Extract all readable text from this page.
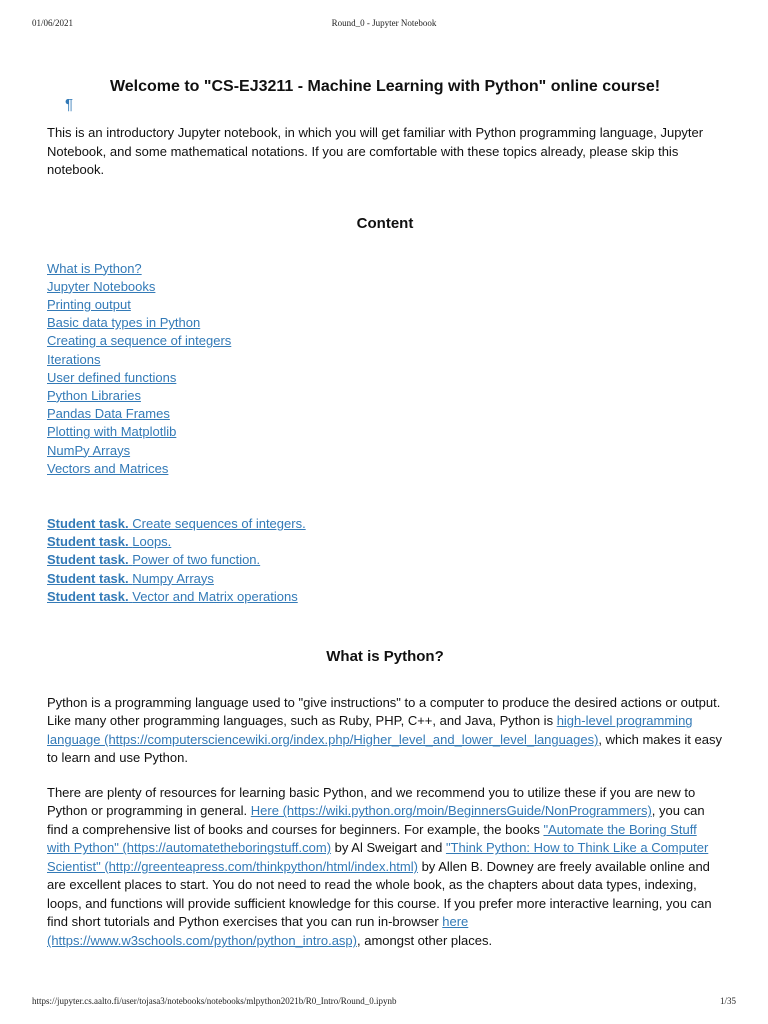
01/06/2021	Round_0 - Jupyter Notebook
Welcome to "CS-EJ3211 - Machine Learning with Python" online course!
¶

This is an introductory Jupyter notebook, in which you will get familiar with Python programming language, Jupyter Notebook, and some mathematical notations. If you are comfortable with these topics already, please skip this notebook.

Content
What is Python?
Jupyter Notebooks
Printing output
Basic data types in Python
Creating a sequence of integers
Iterations
User defined functions
Python Libraries
Pandas Data Frames
Plotting with Matplotlib
NumPy Arrays
Vectors and Matrices
Student task. Create sequences of integers.
Student task. Loops.
Student task. Power of two function.
Student task. Numpy Arrays
Student task. Vector and Matrix operations
What is Python?

Python is a programming language used to "give instructions" to a computer to produce the desired actions or output. Like many other programming languages, such as Ruby, PHP, C++, and Java, Python is high-level programming language (https://computersciencewiki.org/index.php/Higher_level_and_lower_level_languages), which makes it easy to learn and use Python.

There are plenty of resources for learning basic Python, and we recommend you to utilize these if you are new to Python or programming in general. Here (https://wiki.python.org/moin/BeginnersGuide/NonProgrammers), you can find a comprehensive list of books and courses for beginners. For example, the books "Automate the Boring Stuff with Python" (https://automatetheboringstuff.com) by Al Sweigart and "Think Python: How to Think Like a Computer Scientist" (http://greenteapress.com/thinkpython/html/index.html) by Allen B. Downey are freely available online and are excellent places to start. You do not need to read the whole book, as the chapters about data types, indexing, loops, and functions will provide sufficient knowledge for this course. If you prefer more interactive learning, you can find short tutorials and Python exercises that you can run in-browser here (https://www.w3schools.com/python/python_intro.asp), amongst other places.

https://jupyter.cs.aalto.fi/user/tojasa3/notebooks/notebooks/mlpython2021b/R0_Intro/Round_0.ipynb	1/35
